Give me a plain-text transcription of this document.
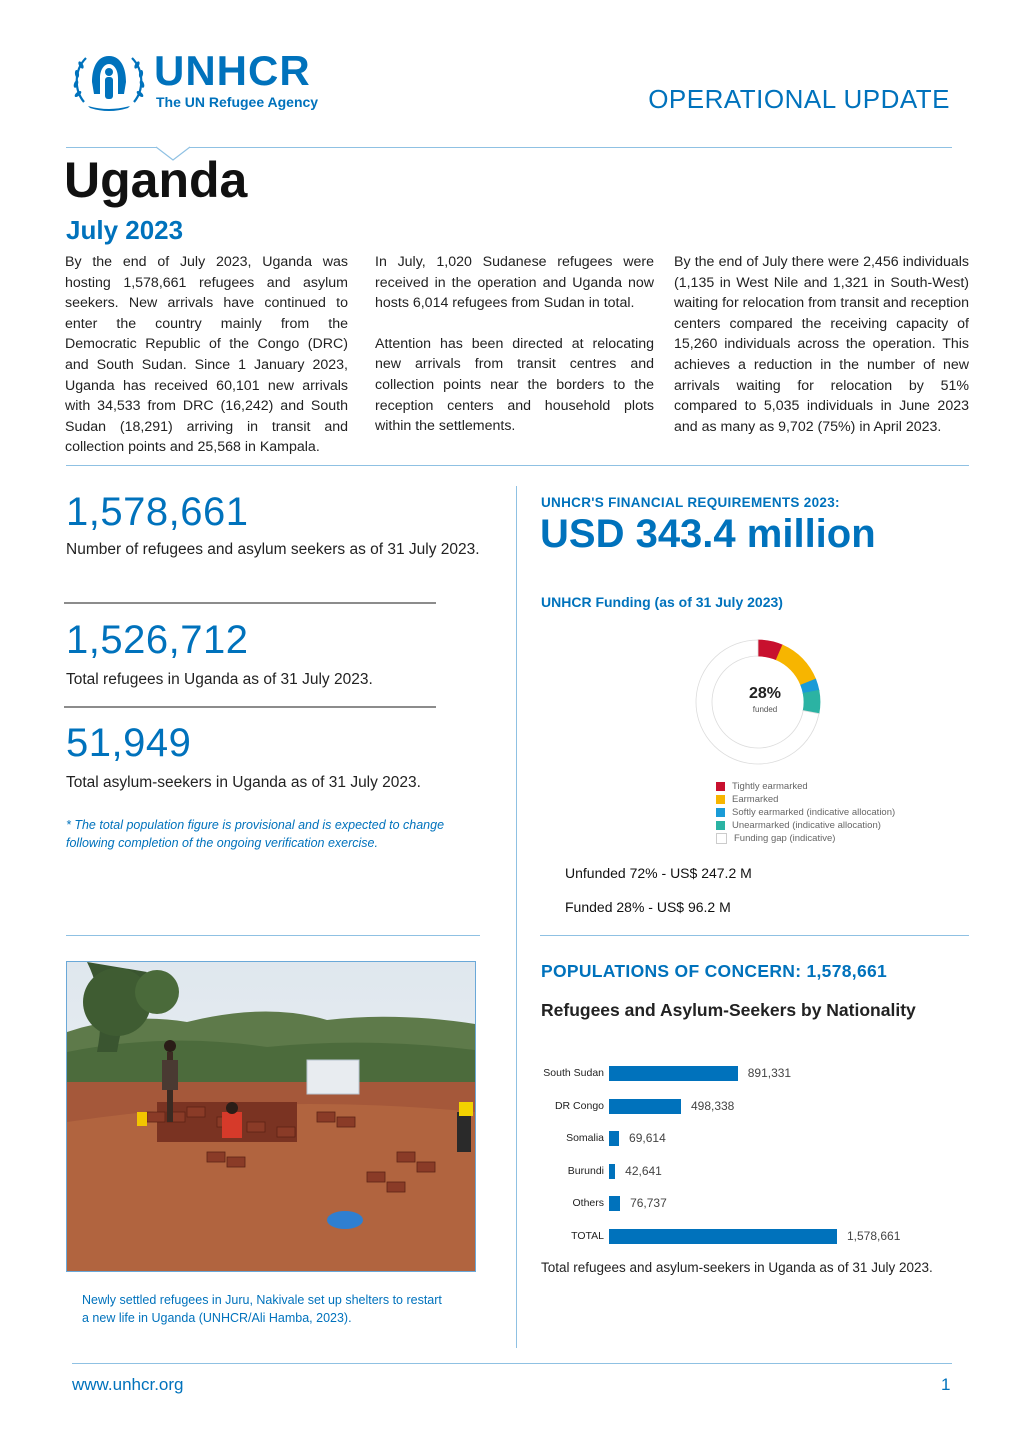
UNHCR
The UN Refugee Agency	OPERATIONAL UPDATE
Uganda
July 2023
By the end of July 2023, Uganda was hosting 1,578,661 refugees and asylum seekers. New arrivals have continued to enter the country mainly from the Democratic Republic of the Congo (DRC) and South Sudan. Since 1 January 2023, Uganda has received 60,101 new arrivals with 34,533 from DRC (16,242) and South Sudan (18,291) arriving in transit and collection points and 25,568 in Kampala.
In July, 1,020 Sudanese refugees were received in the operation and Uganda now hosts 6,014 refugees from Sudan in total.
Attention has been directed at relocating new arrivals from transit centres and collection points near the borders to the reception centers and household plots within the settlements.
By the end of July there were 2,456 individuals (1,135 in West Nile and 1,321 in South-West) waiting for relocation from transit and reception centers compared the receiving capacity of 15,260 individuals across the operation. This achieves a reduction in the number of new arrivals waiting for relocation by 51% compared to 5,035 individuals in June 2023 and as many as 9,702 (75%) in April 2023.
1,578,661
Number of refugees and asylum seekers as of 31 July 2023.
1,526,712
Total refugees in Uganda as of 31 July 2023.
51,949
Total asylum-seekers in Uganda as of 31 July 2023.
* The total population figure is provisional and is expected to change following completion of the ongoing verification exercise.
UNHCR'S FINANCIAL REQUIREMENTS 2023:
USD 343.4 million
UNHCR Funding (as of 31 July 2023)
28%
funded
Tightly earmarked
Earmarked
Softly earmarked (indicative allocation)
Unearmarked (indicative allocation)
Funding gap (indicative)
Unfunded 72% - US$ 247.2 M
Funded 28% - US$ 96.2 M
Newly settled refugees in Juru, Nakivale set up shelters to restart a new life in Uganda (UNHCR/Ali Hamba, 2023).
POPULATIONS OF CONCERN: 1,578,661
Refugees and Asylum-Seekers by Nationality
South Sudan	891,331
DR Congo	498,338
Somalia 69,614
Burundi 42,641
Others 76,737
TOTAL	1,578,661
Total refugees and asylum-seekers in Uganda as of 31 July 2023.
www.unhcr.org	1
